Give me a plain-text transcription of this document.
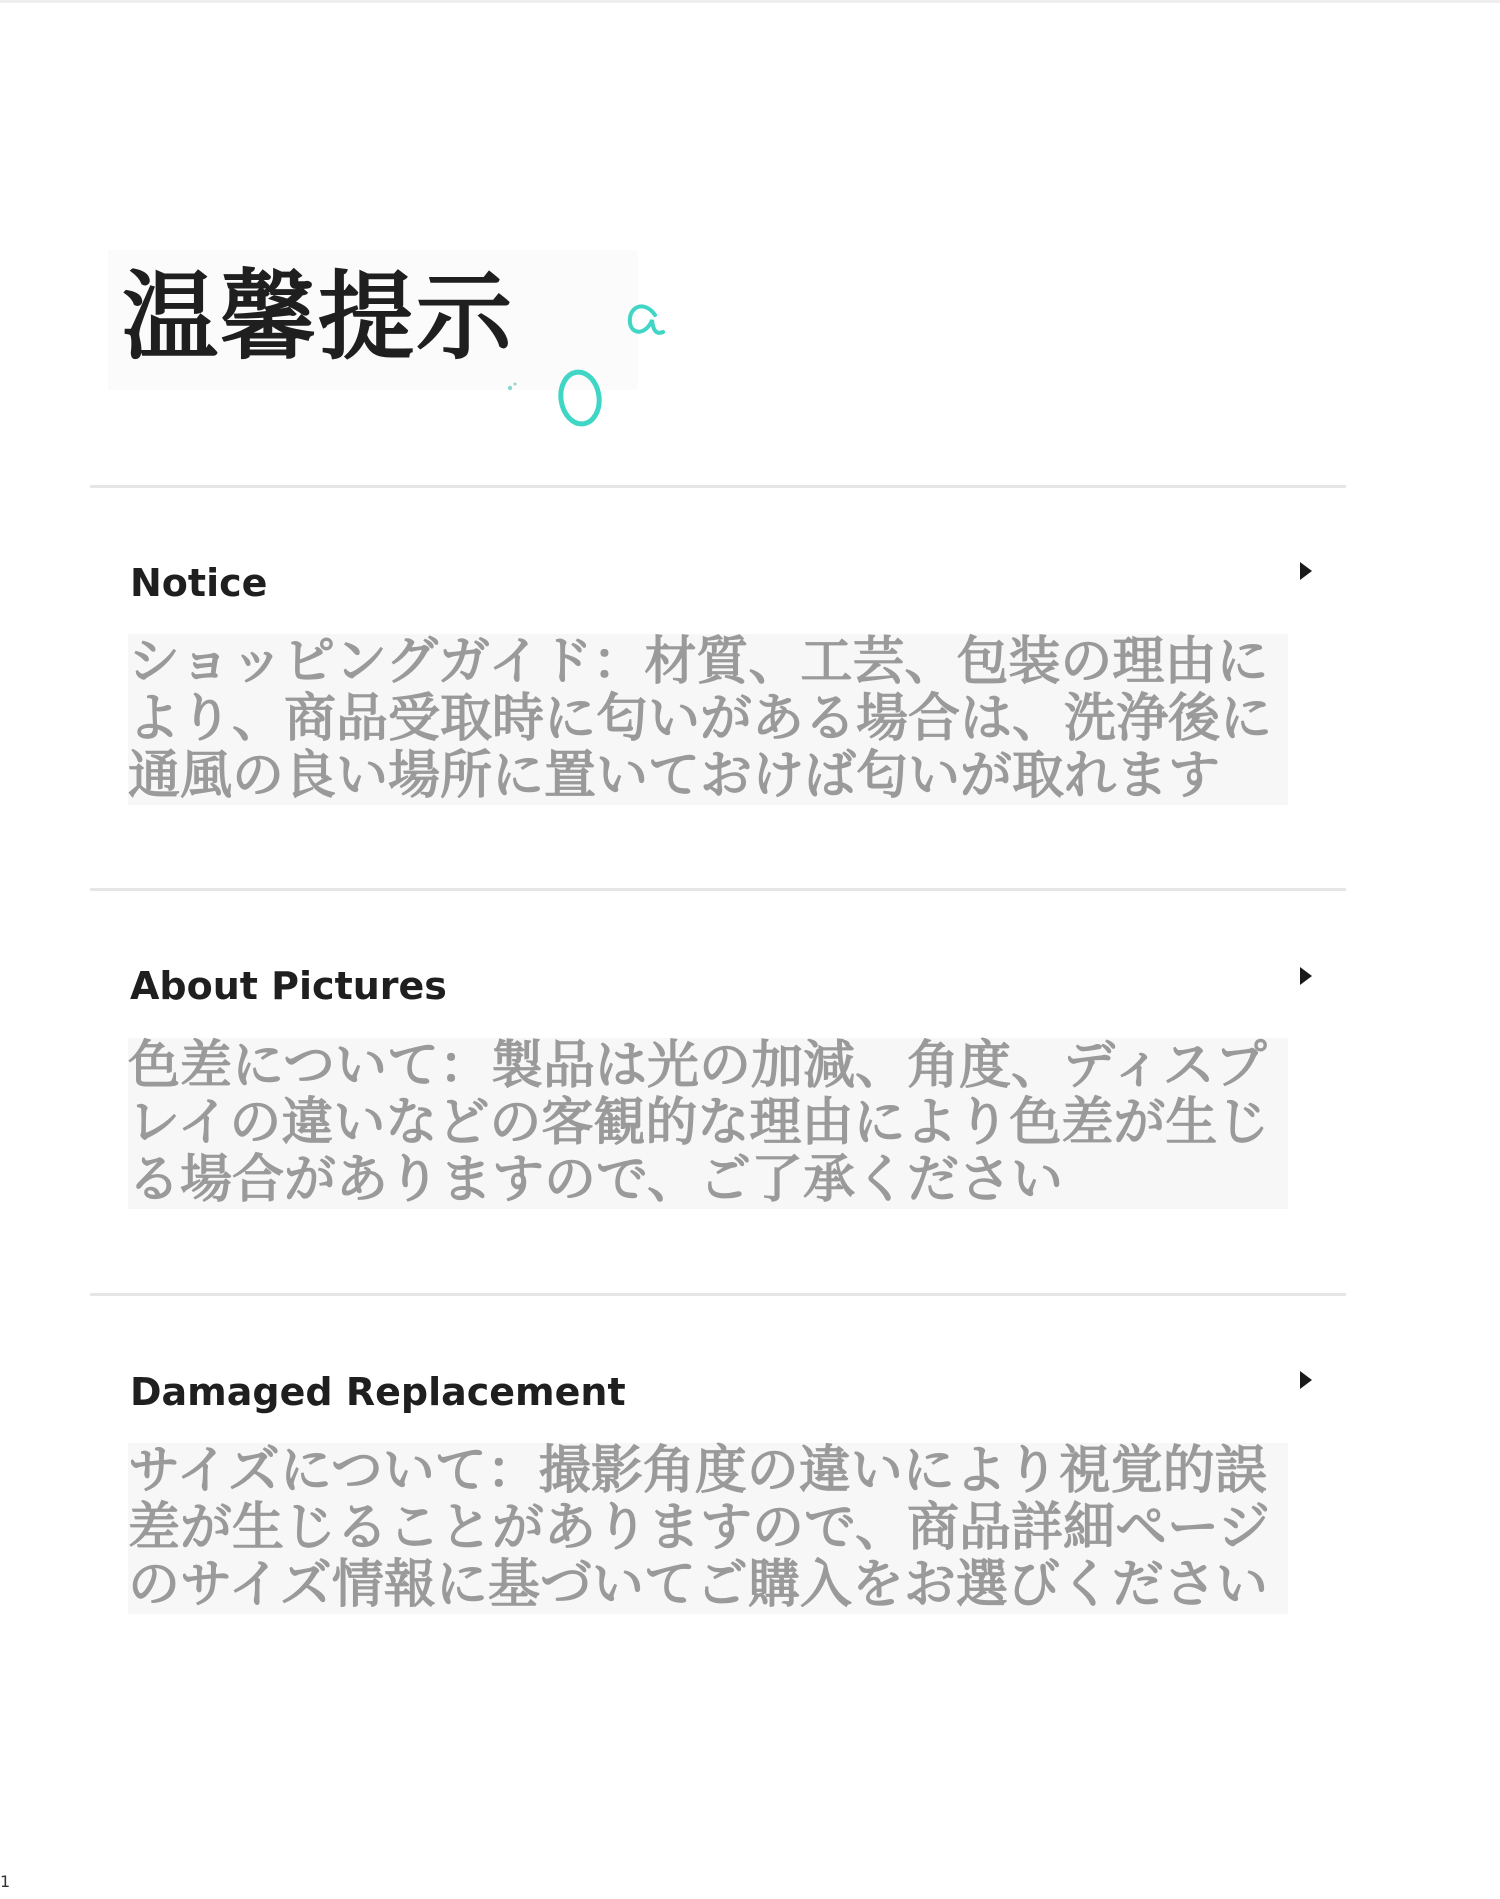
温馨提示
Notice

ショッピングガイド：材質、工芸、包装の理由により、商品受取時に匂いがある場合は、洗浄後に通風の良い場所に置いておけば匂いが取れます

About Pictures

色差について：製品は光の加減、角度、ディスプレイの違いなどの客観的な理由により色差が生じる場合がありますので、ご了承ください

Damaged Replacement

サイズについて：撮影角度の違いにより視覚的誤差が生じることがありますので、商品詳細ページのサイズ情報に基づいてご購入をお選びください

1
